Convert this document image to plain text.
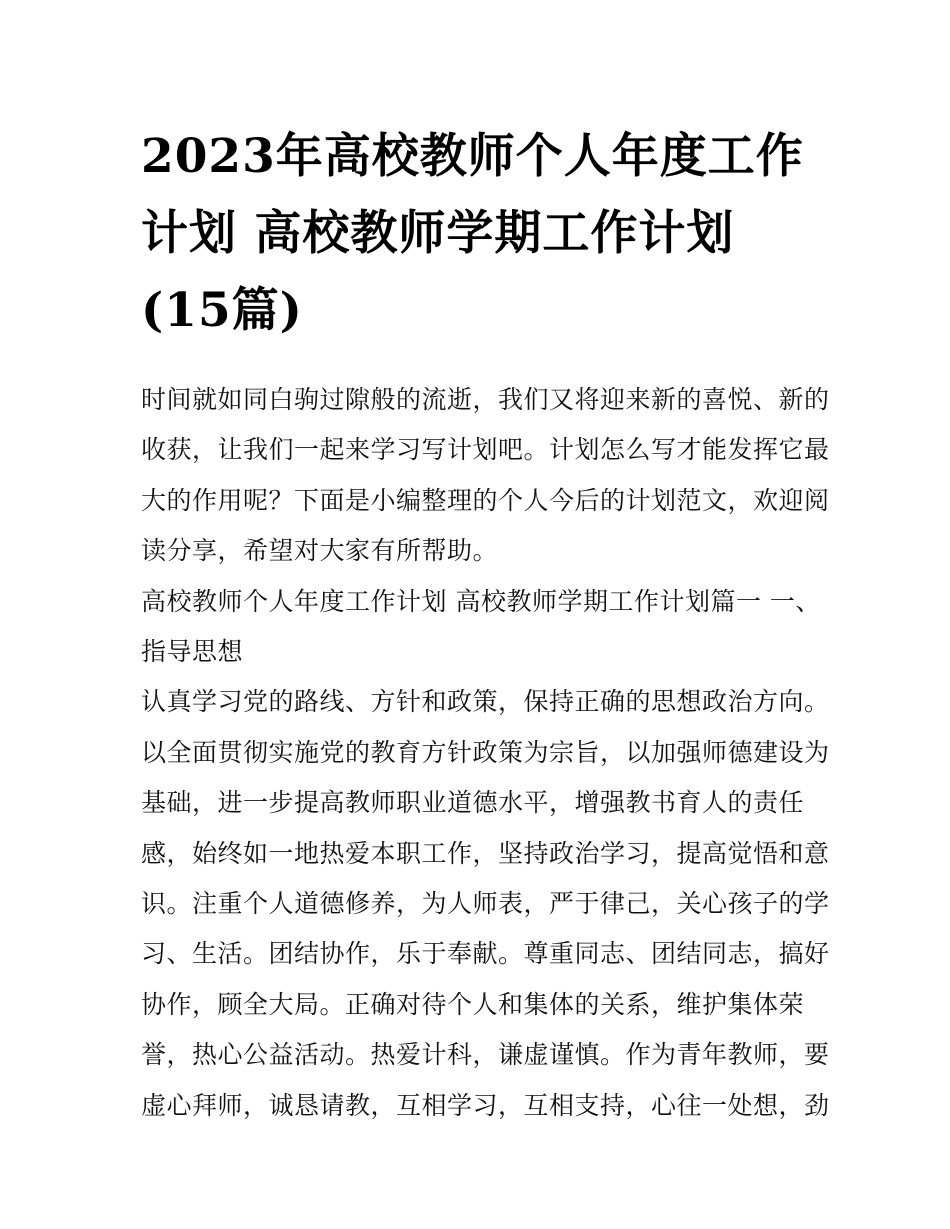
2023年高校教师个人年度工作
计划 高校教师学期工作计划
(15篇)
时间就如同白驹过隙般的流逝，我们又将迎来新的喜悦、新的
收获，让我们一起来学习写计划吧。计划怎么写才能发挥它最
大的作用呢？下面是小编整理的个人今后的计划范文，欢迎阅
读分享，希望对大家有所帮助。
高校教师个人年度工作计划 高校教师学期工作计划篇一 一、
指导思想
认真学习党的路线、方针和政策，保持正确的思想政治方向。
以全面贯彻实施党的教育方针政策为宗旨，以加强师德建设为
基础，进一步提高教师职业道德水平，增强教书育人的责任
感，始终如一地热爱本职工作，坚持政治学习，提高觉悟和意
识。注重个人道德修养，为人师表，严于律己，关心孩子的学
习、生活。团结协作，乐于奉献。尊重同志、团结同志，搞好
协作，顾全大局。正确对待个人和集体的关系，维护集体荣
誉，热心公益活动。热爱计科，谦虚谨慎。作为青年教师，要
虚心拜师，诚恳请教，互相学习，互相支持，心往一处想，劲
